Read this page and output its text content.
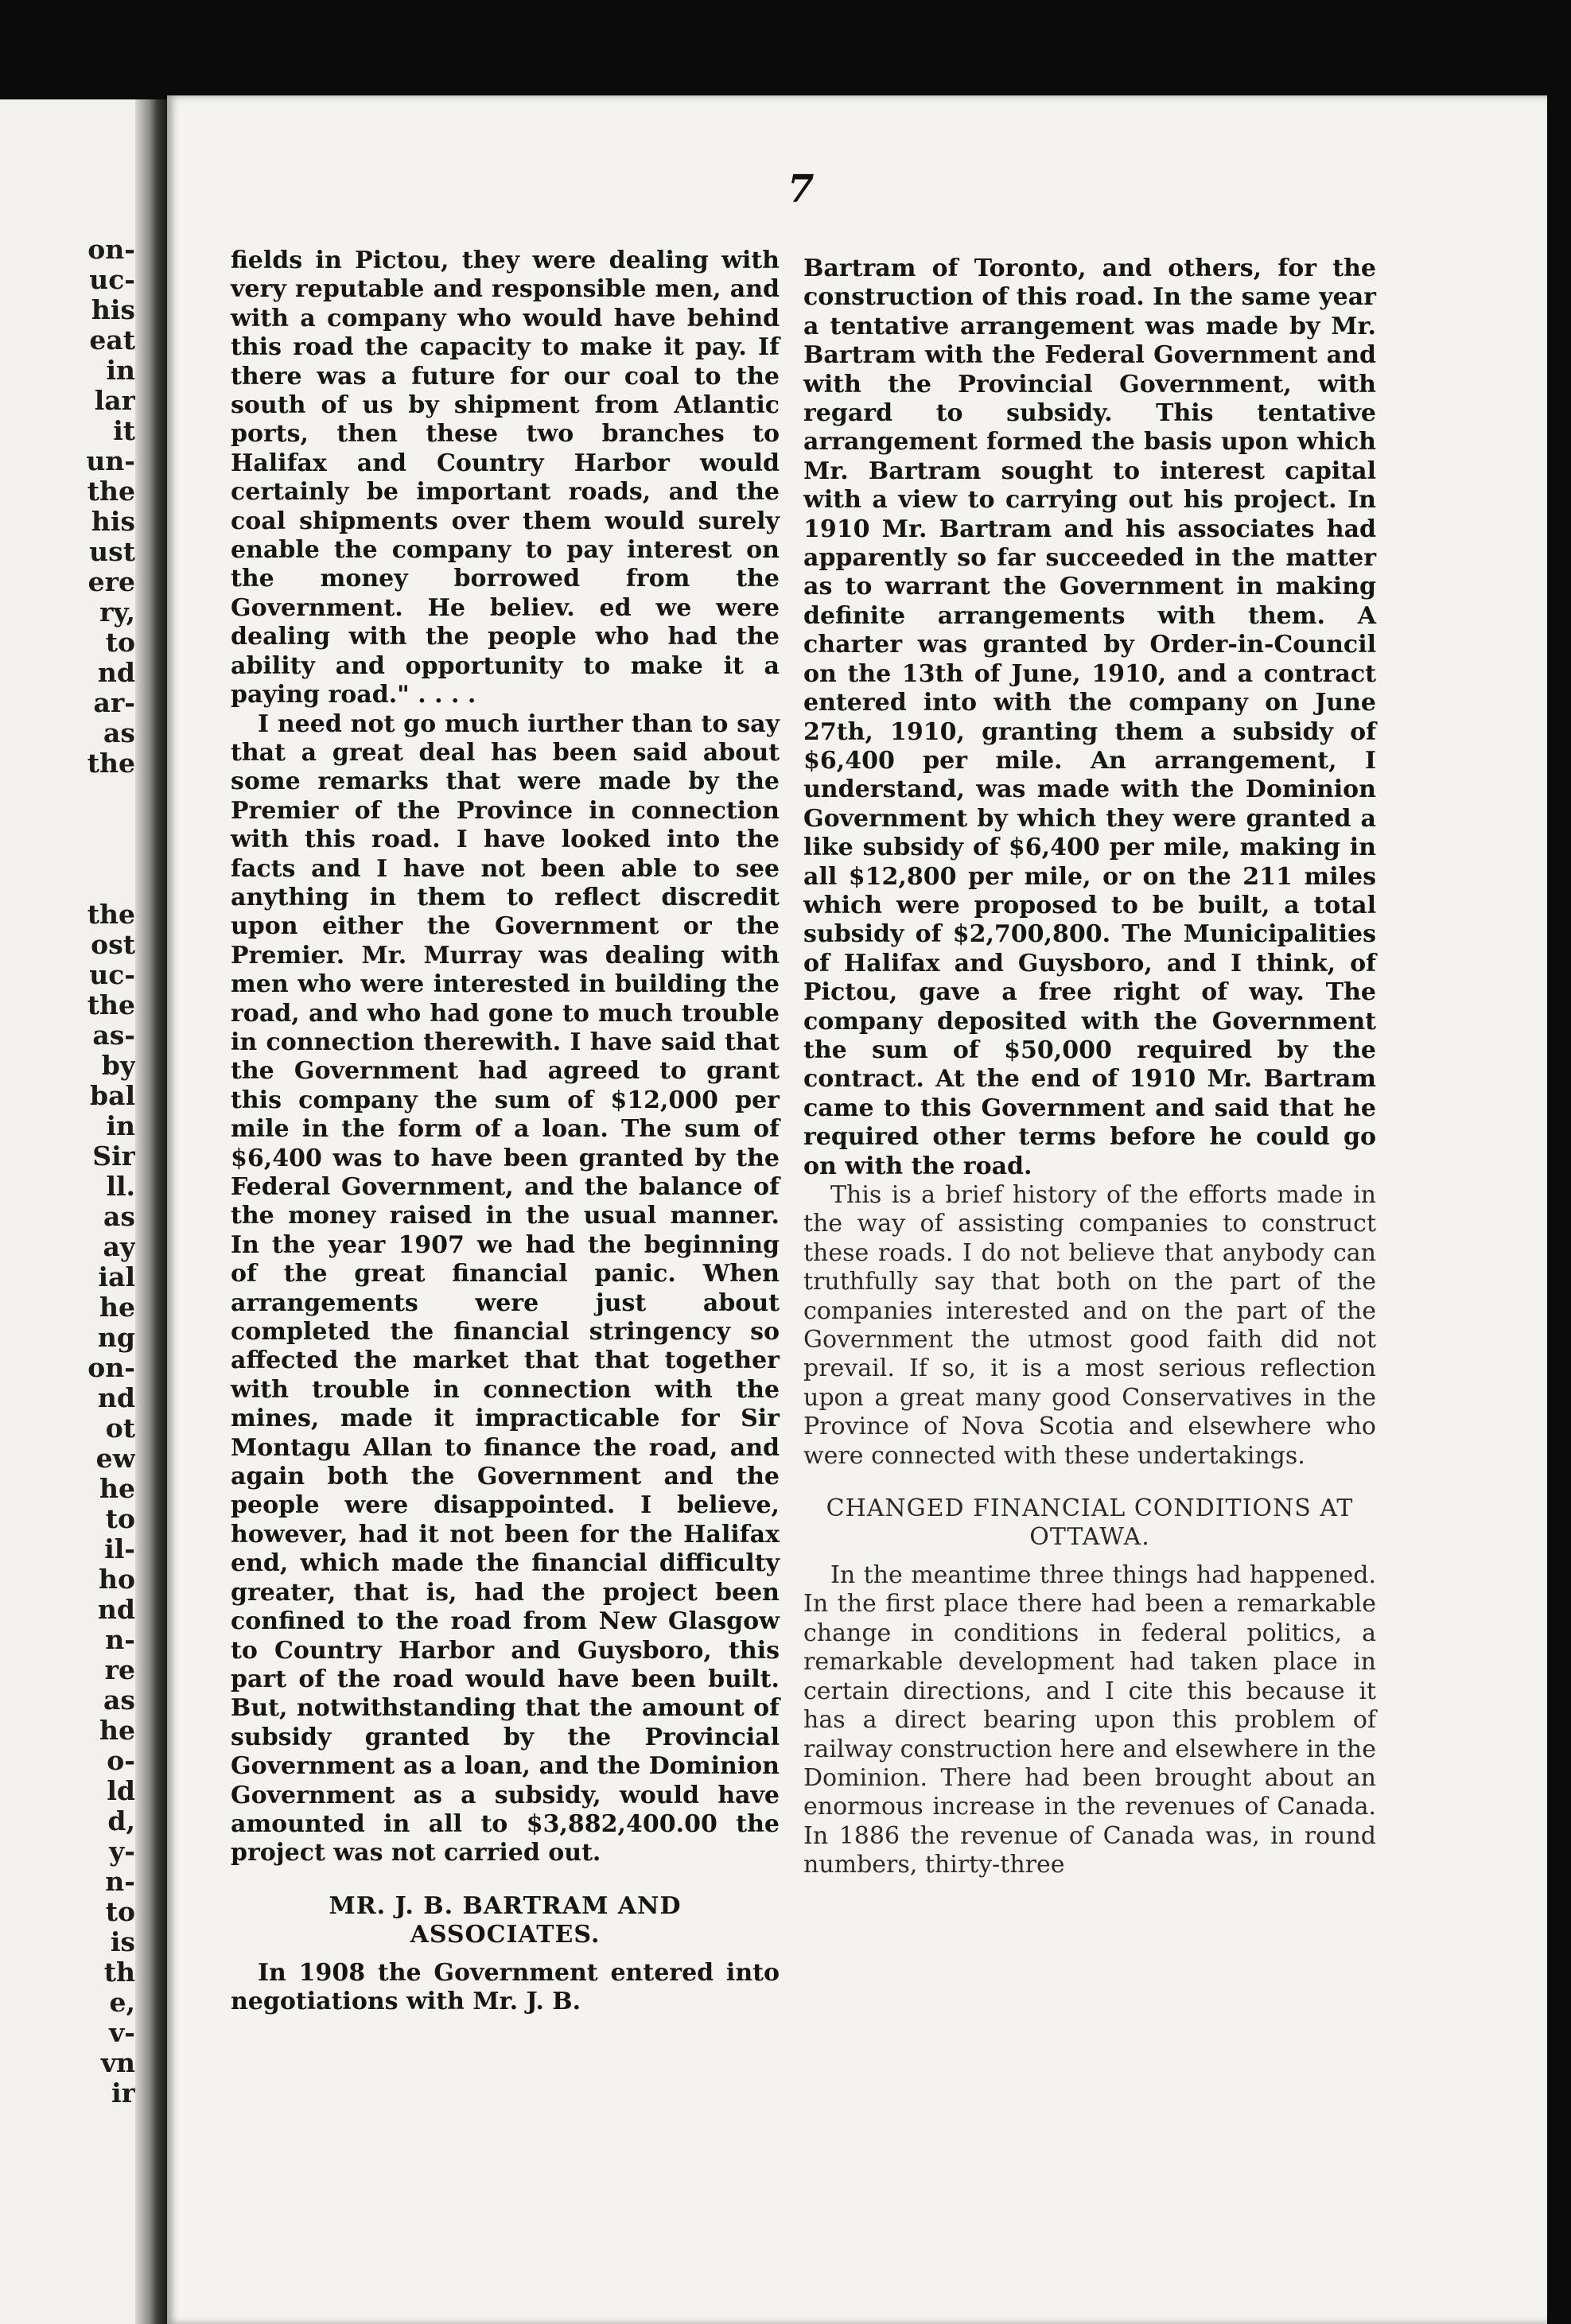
on-
uc-
his
eat
in
lar
it
un-
the
his
ust
ere
ry,
to
nd
ar-
as
the
the
ost
uc-
the
as-
by
bal
in
Sir
ll.
as
ay
ial
he
ng
on-
nd
ot
ew
he
to
il-
ho
nd
n-
re
as
he
o-
ld
d,
y-
n-
to
is
th
e,
v-
vn
ir
7

fields in Pictou, they were dealing with very reputable and responsible men, and with a company who would have behind this road the capacity to make it pay. If there was a future for our coal to the south of us by shipment from Atlantic ports, then these two branches to Halifax and Country Harbor would certainly be important roads, and the coal shipments over them would surely enable the company to pay interest on the money borrowed from the Government. He believ. ed we were dealing with the people who had the ability and opportunity to make it a paying road." . . . .

I need not go much iurther than to say that a great deal has been said about some remarks that were made by the Premier of the Province in connection with this road. I have looked into the facts and I have not been able to see anything in them to reflect discredit upon either the Government or the Premier. Mr. Murray was dealing with men who were interested in building the road, and who had gone to much trouble in connection therewith. I have said that the Government had agreed to grant this company the sum of $12,000 per mile in the form of a loan. The sum of $6,400 was to have been granted by the Federal Government, and the balance of the money raised in the usual manner. In the year 1907 we had the beginning of the great financial panic. When arrangements were just about completed the financial stringency so affected the market that that together with trouble in connection with the mines, made it impracticable for Sir Montagu Allan to finance the road, and again both the Government and the people were disappointed. I believe, however, had it not been for the Halifax end, which made the financial difficulty greater, that is, had the project been confined to the road from New Glasgow to Country Harbor and Guysboro, this part of the road would have been built. But, notwithstanding that the amount of subsidy granted by the Provincial Government as a loan, and the Dominion Government as a subsidy, would have amounted in all to $3,882,400.00 the project was not carried out.

MR. J. B. BARTRAM AND ASSOCIATES.

In 1908 the Government entered into negotiations with Mr. J. B.

Bartram of Toronto, and others, for the construction of this road. In the same year a tentative arrangement was made by Mr. Bartram with the Federal Government and with the Provincial Government, with regard to subsidy. This tentative arrangement formed the basis upon which Mr. Bartram sought to interest capital with a view to carrying out his project. In 1910 Mr. Bartram and his associates had apparently so far succeeded in the matter as to warrant the Government in making definite arrangements with them. A charter was granted by Order-in-Council on the 13th of June, 1910, and a contract entered into with the company on June 27th, 1910, granting them a subsidy of $6,400 per mile. An arrangement, I understand, was made with the Dominion Government by which they were granted a like subsidy of $6,400 per mile, making in all $12,800 per mile, or on the 211 miles which were proposed to be built, a total subsidy of $2,700,800. The Municipalities of Halifax and Guysboro, and I think, of Pictou, gave a free right of way. The company deposited with the Government the sum of $50,000 required by the contract. At the end of 1910 Mr. Bartram came to this Government and said that he required other terms before he could go on with the road.

This is a brief history of the efforts made in the way of assisting companies to construct these roads. I do not believe that anybody can truthfully say that both on the part of the companies interested and on the part of the Government the utmost good faith did not prevail. If so, it is a most serious reflection upon a great many good Conservatives in the Province of Nova Scotia and elsewhere who were connected with these undertakings.

CHANGED FINANCIAL CONDITIONS AT OTTAWA.

In the meantime three things had happened. In the first place there had been a remarkable change in conditions in federal politics, a remarkable development had taken place in certain directions, and I cite this because it has a direct bearing upon this problem of railway construction here and elsewhere in the Dominion. There had been brought about an enormous increase in the revenues of Canada. In 1886 the revenue of Canada was, in round numbers, thirty-three
